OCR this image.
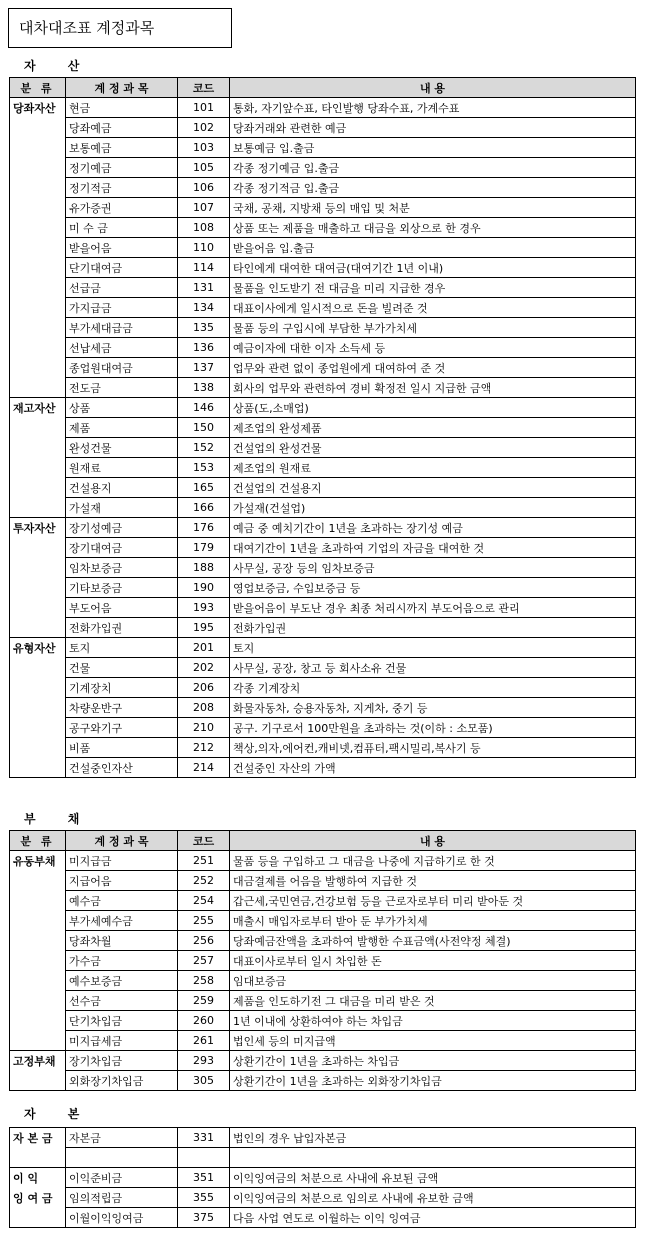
대차대조표 계정과목
자 산
분 류	계 정 과 목	코드	내 용
당좌자산	현금	101	통화, 자기앞수표, 타인발행 당좌수표, 가계수표
	당좌예금	102	당좌거래와 관련한 예금
	보통예금	103	보통예금 입.출금
	정기예금	105	각종 정기예금 입.출금
	정기적금	106	각종 정기적금 입.출금
	유가증권	107	국채, 공채, 지방채 등의 매입 및 처분
	미 수 금	108	상품 또는 제품을 매출하고 대금을 외상으로 한 경우
	받을어음	110	받을어음 입.출금
	단기대여금	114	타인에게 대여한 대여금(대여기간 1년 이내)
	선급금	131	물품을 인도받기 전 대금을 미리 지급한 경우
	가지급금	134	대표이사에게 일시적으로 돈을 빌려준 것
	부가세대급금	135	물품 등의 구입시에 부담한 부가가치세
	선납세금	136	예금이자에 대한 이자 소득세 등
	종업원대여금	137	업무와 관련 없이 종업원에게 대여하여 준 것
	전도금	138	회사의 업무와 관련하여 경비 확정전 일시 지급한 금액
재고자산	상품	146	상품(도,소매업)
	제품	150	제조업의 완성제품
	완성건물	152	건설업의 완성건물
	원재료	153	제조업의 원재료
	건설용지	165	건설업의 건설용지
	가설재	166	가설재(건설업)
투자자산	장기성예금	176	예금 중 예치기간이 1년을 초과하는 장기성 예금
	장기대여금	179	대여기간이 1년을 초과하여 기업의 자금을 대여한 것
	임차보증금	188	사무실, 공장 등의 임차보증금
	기타보증금	190	영업보증금, 수입보증금 등
	부도어음	193	받을어음이 부도난 경우 최종 처리시까지 부도어음으로 관리
	전화가입권	195	전화가입권
유형자산	토지	201	토지
	건물	202	사무실, 공장, 창고 등 회사소유 건물
	기계장치	206	각종 기계장치
	차량운반구	208	화물자동차, 승용자동차, 지게차, 중기 등
	공구와기구	210	공구. 기구로서 100만원을 초과하는 것(이하 : 소모품)
	비품	212	책상,의자,에어컨,캐비넷,컴퓨터,팩시밀리,복사기 등
	건설중인자산	214	건설중인 자산의 가액
부 채
분 류	계 정 과 목	코드	내 용
유동부채	미지급금	251	물품 등을 구입하고 그 대금을 나중에 지급하기로 한 것
	지급어음	252	대금결제를 어음을 발행하여 지급한 것
	예수금	254	갑근세,국민연금,건강보험 등을 근로자로부터 미리 받아둔 것
	부가세예수금	255	매출시 매입자로부터 받아 둔 부가가치세
	당좌차월	256	당좌예금잔액을 초과하여 발행한 수표금액(사전약정 체결)
	가수금	257	대표이사로부터 일시 차입한 돈
	예수보증금	258	임대보증금
	선수금	259	제품을 인도하기전 그 대금을 미리 받은 것
	단기차입금	260	1년 이내에 상환하여야 하는 차입금
	미지급세금	261	법인세 등의 미지급액
고정부채	장기차입금	293	상환기간이 1년을 초과하는 차입금
	외화장기차입금	305	상환기간이 1년을 초과하는 외화장기차입금
자 본
자 본 금	자본금	331	법인의 경우 납입자본금

이 익	이익준비금	351	이익잉여금의 처분으로 사내에 유보된 금액
잉 여 금	임의적립금	355	이익잉여금의 처분으로 임의로 사내에 유보한 금액
	이월이익잉여금	375	다음 사업 연도로 이월하는 이익 잉여금
